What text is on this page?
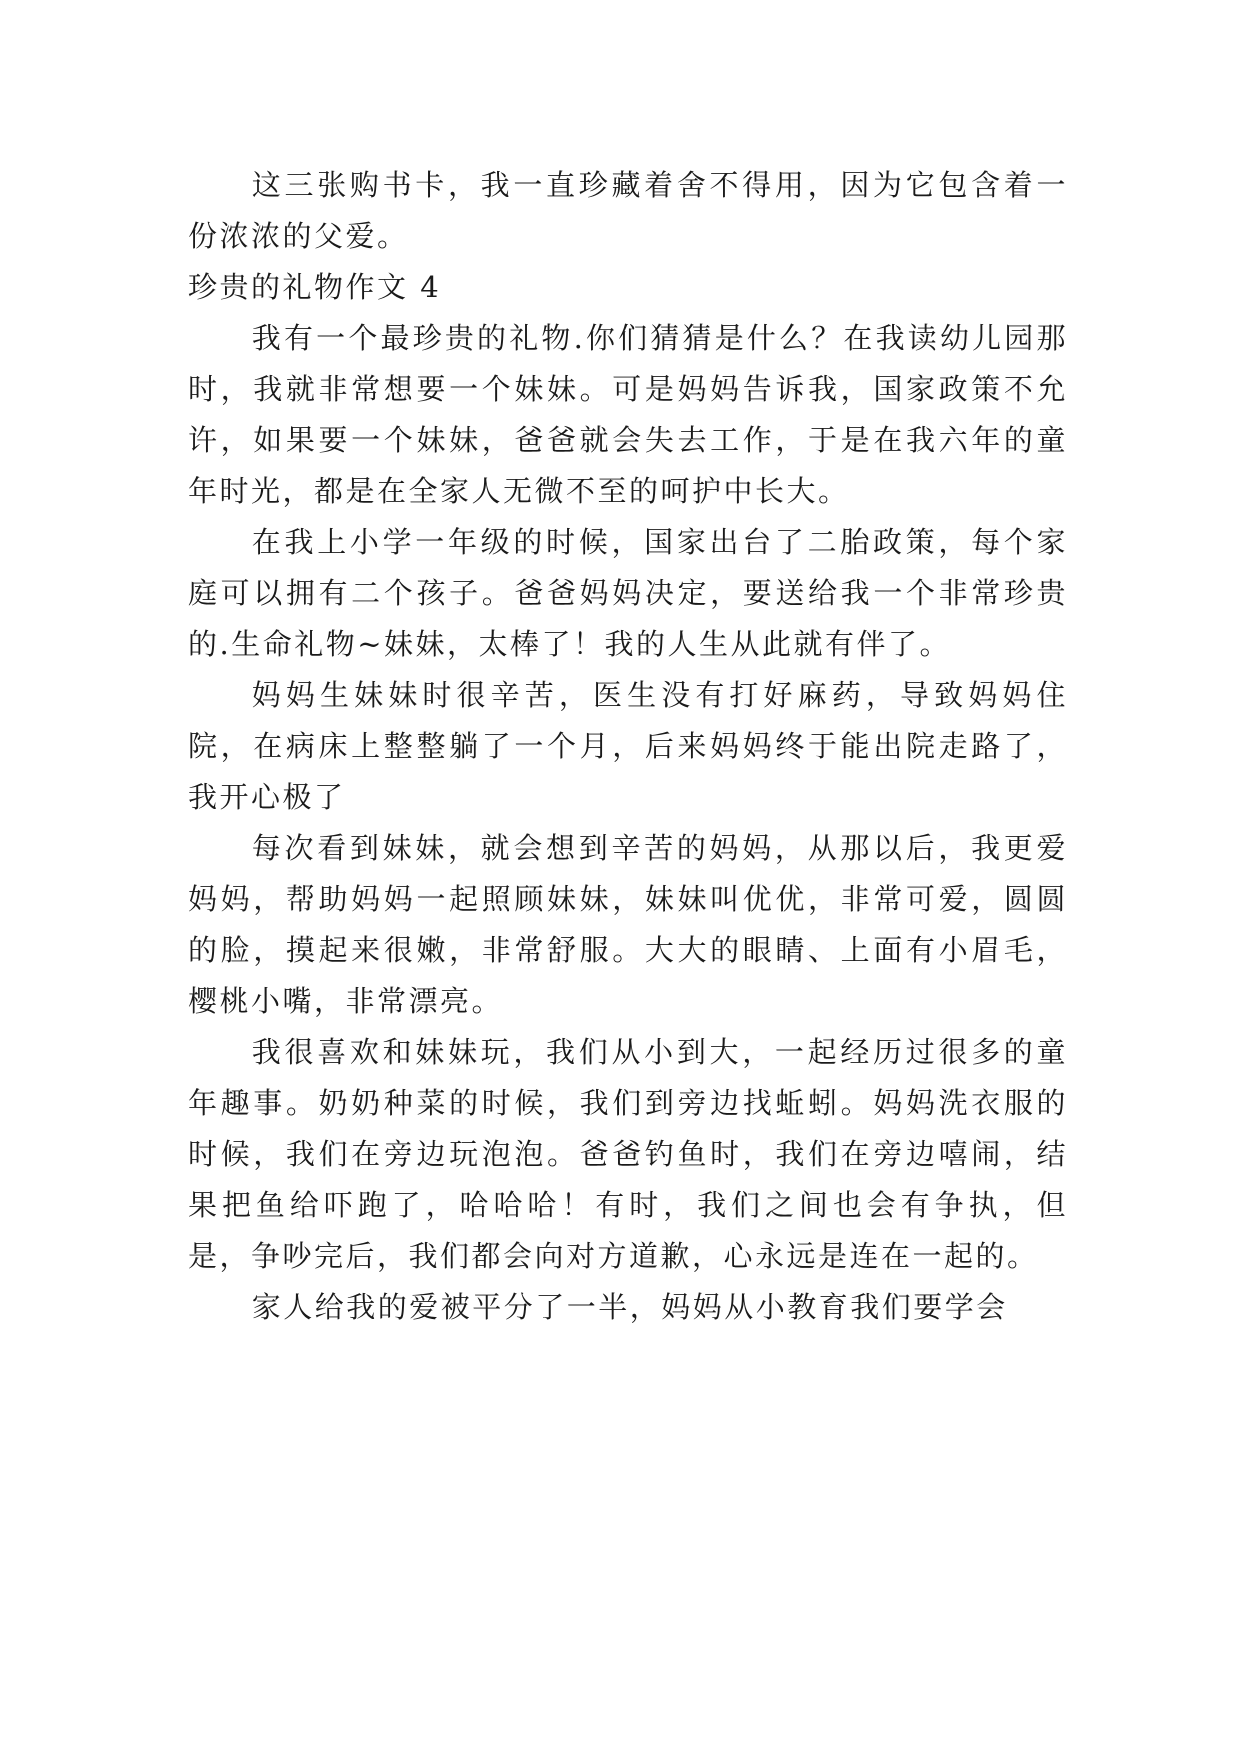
这三张购书卡，我一直珍藏着舍不得用，因为它包含着一份浓浓的父爱。

珍贵的礼物作文 4

我有一个最珍贵的礼物.你们猜猜是什么？在我读幼儿园那时，我就非常想要一个妹妹。可是妈妈告诉我，国家政策不允许，如果要一个妹妹，爸爸就会失去工作，于是在我六年的童年时光，都是在全家人无微不至的呵护中长大。

在我上小学一年级的时候，国家出台了二胎政策，每个家庭可以拥有二个孩子。爸爸妈妈决定，要送给我一个非常珍贵的.生命礼物~妹妹，太棒了！我的人生从此就有伴了。

妈妈生妹妹时很辛苦，医生没有打好麻药，导致妈妈住院，在病床上整整躺了一个月，后来妈妈终于能出院走路了，我开心极了

每次看到妹妹，就会想到辛苦的妈妈，从那以后，我更爱妈妈，帮助妈妈一起照顾妹妹，妹妹叫优优，非常可爱，圆圆的脸，摸起来很嫩，非常舒服。大大的眼睛、上面有小眉毛，樱桃小嘴，非常漂亮。

我很喜欢和妹妹玩，我们从小到大，一起经历过很多的童年趣事。奶奶种菜的时候，我们到旁边找蚯蚓。妈妈洗衣服的时候，我们在旁边玩泡泡。爸爸钓鱼时，我们在旁边嘻闹，结果把鱼给吓跑了，哈哈哈！有时，我们之间也会有争执，但是，争吵完后，我们都会向对方道歉，心永远是连在一起的。

家人给我的爱被平分了一半，妈妈从小教育我们要学会
